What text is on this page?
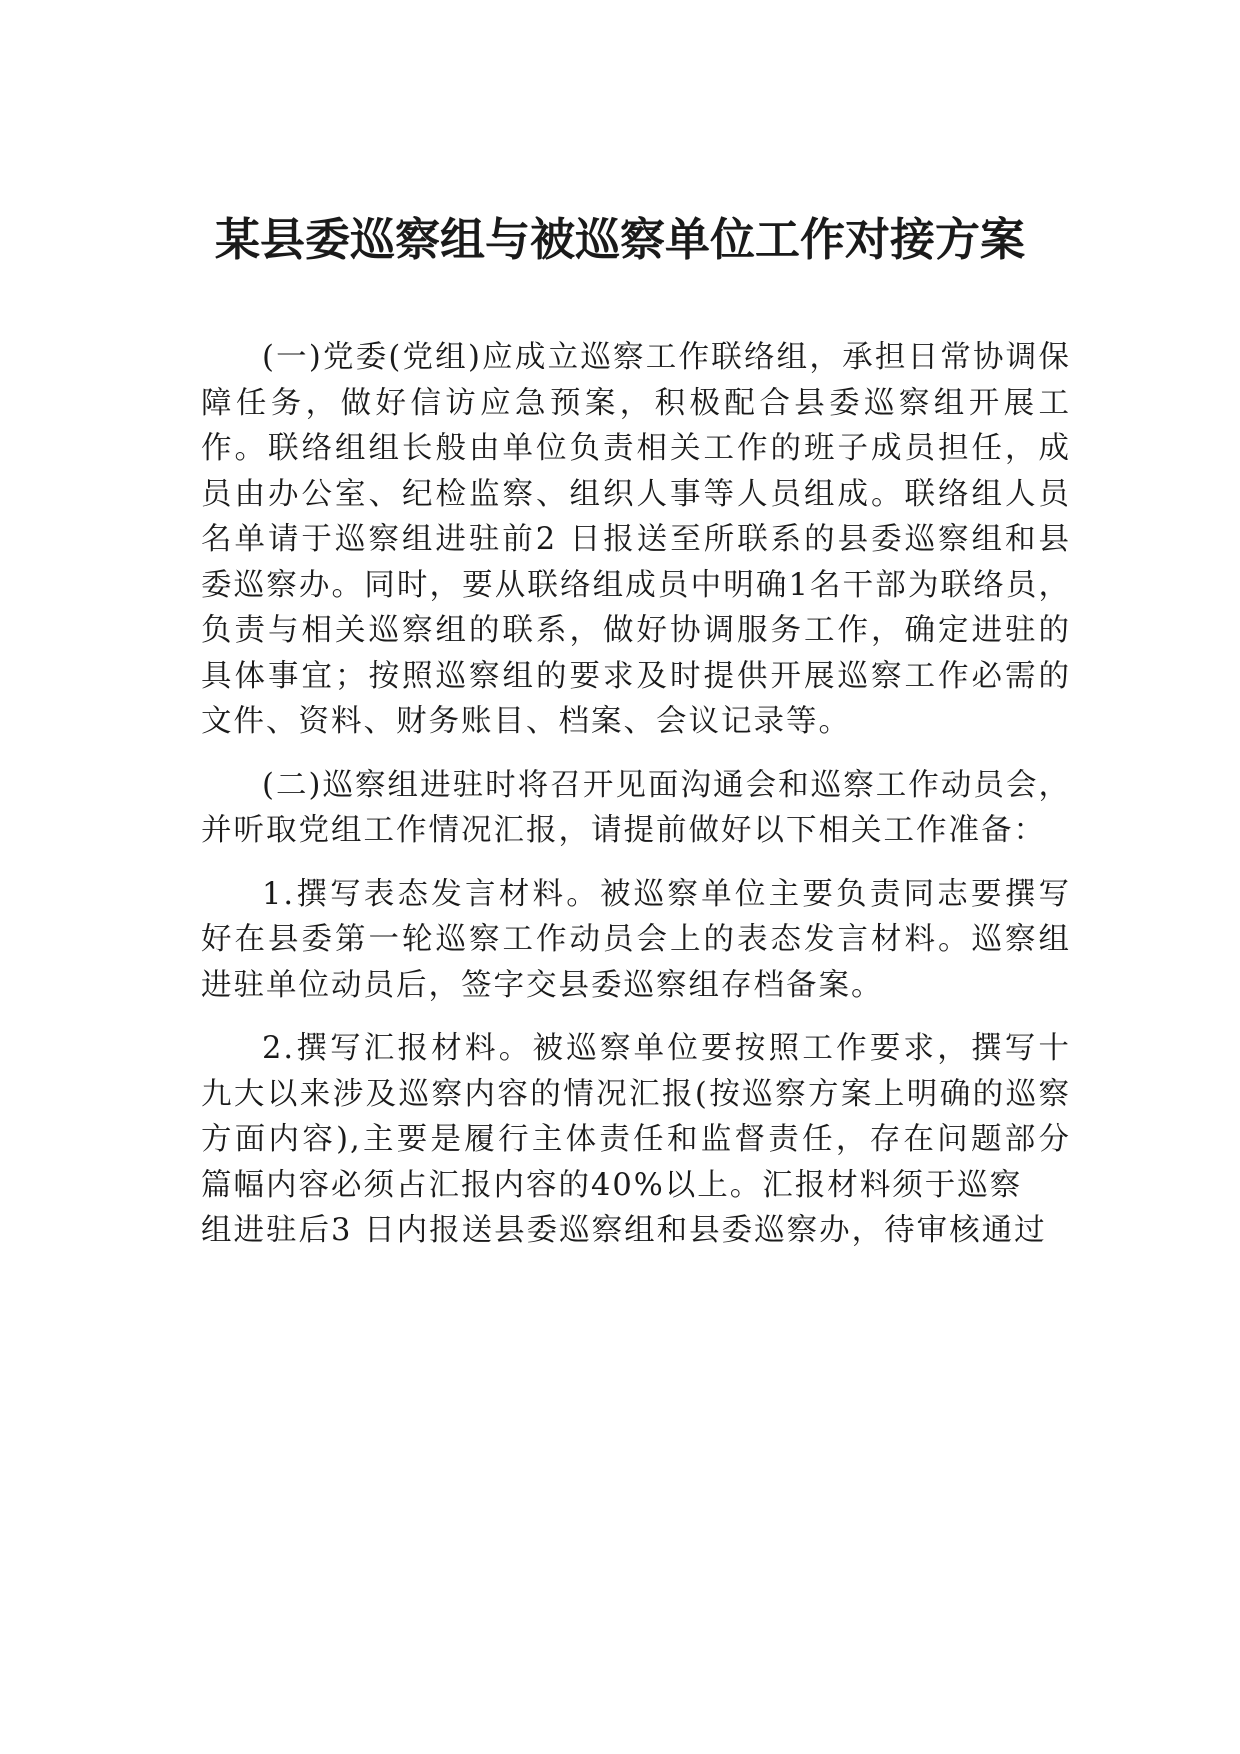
某县委巡察组与被巡察单位工作对接方案

(一)党委(党组)应成立巡察工作联络组，承担日常协调保障任务，做好信访应急预案，积极配合县委巡察组开展工作。联络组组长般由单位负责相关工作的班子成员担任，成员由办公室、纪检监察、组织人事等人员组成。联络组人员名单请于巡察组进驻前2 日报送至所联系的县委巡察组和县委巡察办。同时，要从联络组成员中明确1名干部为联络员，负责与相关巡察组的联系，做好协调服务工作，确定进驻的具体事宜；按照巡察组的要求及时提供开展巡察工作必需的文件、资料、财务账目、档案、会议记录等。

(二)巡察组进驻时将召开见面沟通会和巡察工作动员会，并听取党组工作情况汇报，请提前做好以下相关工作准备：

1.撰写表态发言材料。被巡察单位主要负责同志要撰写好在县委第一轮巡察工作动员会上的表态发言材料。巡察组进驻单位动员后，签字交县委巡察组存档备案。

2.撰写汇报材料。被巡察单位要按照工作要求，撰写十九大以来涉及巡察内容的情况汇报(按巡察方案上明确的巡察方面内容),主要是履行主体责任和监督责任，存在问题部分篇幅内容必须占汇报内容的40%以上。汇报材料须于巡察

组进驻后3 日内报送县委巡察组和县委巡察办，待审核通过
